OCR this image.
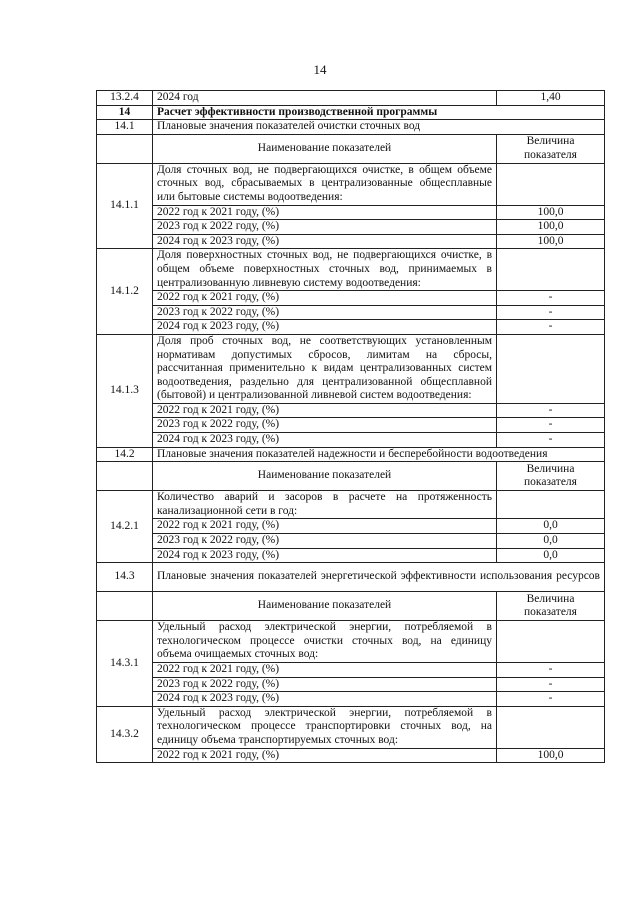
14
13.2.4	2024 год	1,40
14	Расчет эффективности производственной программы	
14.1	Плановые значения показателей очистки сточных вод	
	Наименование показателей	Величина показателя
14.1.1	Доля сточных вод, не подвергающихся очистке, в общем объеме сточных вод, сбрасываемых в централизованные общесплавные или бытовые системы водоотведения:	
	2022 год к 2021 году, (%)	100,0
	2023 год к 2022 году, (%)	100,0
	2024 год к 2023 году, (%)	100,0
14.1.2	Доля поверхностных сточных вод, не подвергающихся очистке, в общем объеме поверхностных сточных вод, принимаемых в централизованную ливневую систему водоотведения:	
	2022 год к 2021 году, (%)	-
	2023 год к 2022 году, (%)	-
	2024 год к 2023 году, (%)	-
14.1.3	Доля проб сточных вод, не соответствующих установленным нормативам допустимых сбросов, лимитам на сбросы, рассчитанная применительно к видам централизованных систем водоотведения, раздельно для централизованной общесплавной (бытовой) и централизованной ливневой систем водоотведения:	
	2022 год к 2021 году, (%)	-
	2023 год к 2022 году, (%)	-
	2024 год к 2023 году, (%)	-
14.2	Плановые значения показателей надежности и бесперебойности водоотведения	
	Наименование показателей	Величина показателя
14.2.1	Количество аварий и засоров в расчете на протяженность канализационной сети в год:	
	2022 год к 2021 году, (%)	0,0
	2023 год к 2022 году, (%)	0,0
	2024 год к 2023 году, (%)	0,0
14.3	Плановые значения показателей энергетической эффективности использования ресурсов	
	Наименование показателей	Величина показателя
14.3.1	Удельный расход электрической энергии, потребляемой в технологическом процессе очистки сточных вод, на единицу объема очищаемых сточных вод:	
	2022 год к 2021 году, (%)	-
	2023 год к 2022 году, (%)	-
	2024 год к 2023 году, (%)	-
14.3.2	Удельный расход электрической энергии, потребляемой в технологическом процессе транспортировки сточных вод, на единицу объема транспортируемых сточных вод:	
	2022 год к 2021 году, (%)	100,0
